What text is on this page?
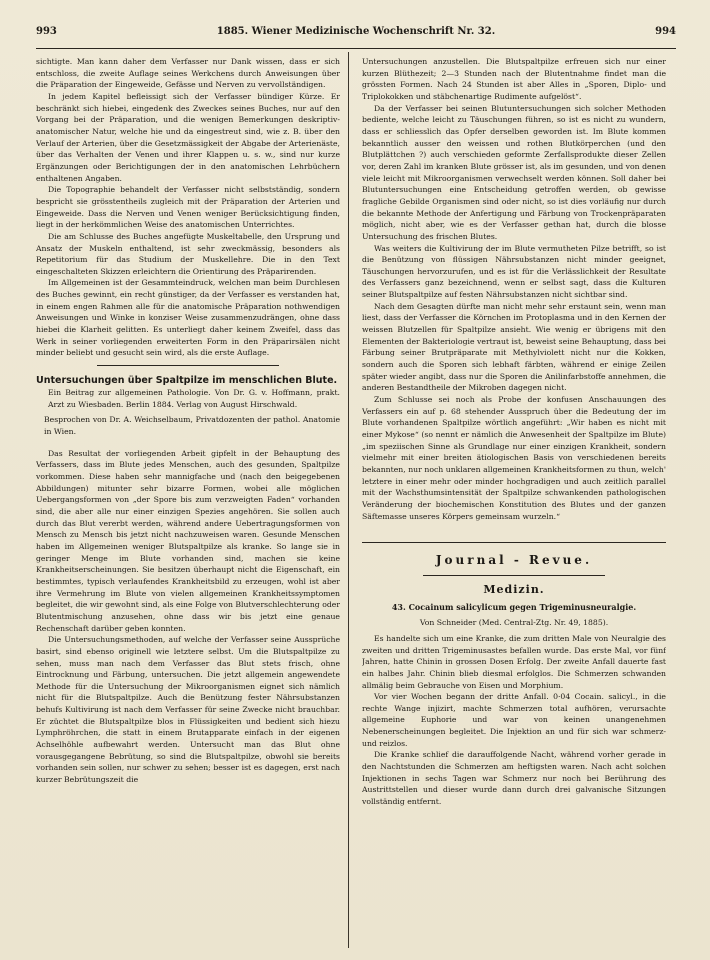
993	1885. Wiener Medizinische Wochenschrift Nr. 32.	994

sichtigte. Man kann daher dem Verfasser nur Dank wissen, dass er sich entschloss, die zweite Auflage seines Werkchens durch Anweisungen über die Präparation der Eingeweide, Gefässe und Nerven zu vervollständigen.

In jedem Kapitel befleissigt sich der Verfasser bündiger Kürze. Er beschränkt sich hiebei, eingedenk des Zweckes seines Buches, nur auf den Vorgang bei der Präparation, und die wenigen Bemerkungen deskriptiv-anatomischer Natur, welche hie und da eingestreut sind, wie z. B. über den Verlauf der Arterien, über die Gesetzmässigkeit der Abgabe der Arterienäste, über das Verhalten der Venen und ihrer Klappen u. s. w., sind nur kurze Ergänzungen oder Berichtigungen der in den anatomischen Lehrbüchern enthaltenen Angaben.

Die Topographie behandelt der Verfasser nicht selbstständig, sondern bespricht sie grösstentheils zugleich mit der Präparation der Arterien und Eingeweide. Dass die Nerven und Venen weniger Berücksichtigung finden, liegt in der herkömmlichen Weise des anatomischen Unterrichtes.

Die am Schlusse des Buches angefügte Muskeltabelle, den Ursprung und Ansatz der Muskeln enthaltend, ist sehr zweckmässig, besonders als Repetitorium für das Studium der Muskellehre. Die in den Text eingeschalteten Skizzen erleichtern die Orientirung des Präparirenden.

Im Allgemeinen ist der Gesammteindruck, welchen man beim Durchlesen des Buches gewinnt, ein recht günstiger, da der Verfasser es verstanden hat, in einem engen Rahmen alle für die anatomische Präparation nothwendigen Anweisungen und Winke in konziser Weise zusammenzudrängen, ohne dass hiebei die Klarheit gelitten. Es unterliegt daher keinem Zweifel, dass das Werk in seiner vorliegenden erweiterten Form in den Präparirsälen nicht minder beliebt und gesucht sein wird, als die erste Auflage.

Untersuchungen über Spaltpilze im menschlichen Blute.
Ein Beitrag zur allgemeinen Pathologie. Von Dr. G. v. Hoffmann, prakt. Arzt zu Wiesbaden. Berlin 1884. Verlag von August Hirschwald.
Besprochen von Dr. A. Weichselbaum, Privatdozenten der pathol. Anatomie in Wien.

Das Resultat der vorliegenden Arbeit gipfelt in der Behauptung des Verfassers, dass im Blute jedes Menschen, auch des gesunden, Spaltpilze vorkommen. Diese haben sehr mannigfache und (nach den beigegebenen Abbildungen) mitunter sehr bizarre Formen, wobei alle möglichen Uebergangsformen von „der Spore bis zum verzweigten Faden“ vorhanden sind, die aber alle nur einer einzigen Spezies angehören. Sie sollen auch durch das Blut vererbt werden, während andere Uebertragungsformen von Mensch zu Mensch bis jetzt nicht nachzuweisen waren. Gesunde Menschen haben im Allgemeinen weniger Blutspaltpilze als kranke. So lange sie in geringer Menge im Blute vorhanden sind, machen sie keine Krankheitserscheinungen. Sie besitzen überhaupt nicht die Eigenschaft, ein bestimmtes, typisch verlaufendes Krankheitsbild zu erzeugen, wohl ist aber ihre Vermehrung im Blute von vielen allgemeinen Krankheitssymptomen begleitet, die wir gewohnt sind, als eine Folge von Blutverschlechterung oder Blutentmischung anzusehen, ohne dass wir bis jetzt eine genaue Rechenschaft darüber geben konnten.

Die Untersuchungsmethoden, auf welche der Verfasser seine Aussprüche basirt, sind ebenso originell wie letztere selbst. Um die Blutspaltpilze zu sehen, muss man nach dem Verfasser das Blut stets frisch, ohne Eintrocknung und Färbung, untersuchen. Die jetzt allgemein angewendete Methode für die Untersuchung der Mikroorganismen eignet sich nämlich nicht für die Blutspaltpilze. Auch die Benützung fester Nährsubstanzen behufs Kultivirung ist nach dem Verfasser für seine Zwecke nicht brauchbar. Er züchtet die Blutspaltpilze blos in Flüssigkeiten und bedient sich hiezu Lymphröhrchen, die statt in einem Brutapparate einfach in der eigenen Achselhöhle aufbewahrt werden. Untersucht man das Blut ohne vorausgegangene Bebrütung, so sind die Blutspaltpilze, obwohl sie bereits vorhanden sein sollen, nur schwer zu sehen; besser ist es dagegen, erst nach kurzer Bebrütungszeit die

Untersuchungen anzustellen. Die Blutspaltpilze erfreuen sich nur einer kurzen Blüthezeit; 2—3 Stunden nach der Blutentnahme findet man die grössten Formen. Nach 24 Stunden ist aber Alles in „Sporen, Diplo- und Triplokokken und stäbchenartige Rudimente aufgelöst“.

Da der Verfasser bei seinen Blutuntersuchungen sich solcher Methoden bediente, welche leicht zu Täuschungen führen, so ist es nicht zu wundern, dass er schliesslich das Opfer derselben geworden ist. Im Blute kommen bekanntlich ausser den weissen und rothen Blutkörperchen (und den Blutplättchen ?) auch verschieden geformte Zerfallsprodukte dieser Zellen vor, deren Zahl im kranken Blute grösser ist, als im gesunden, und von denen viele leicht mit Mikroorganismen verwechselt werden können. Soll daher bei Blutuntersuchungen eine Entscheidung getroffen werden, ob gewisse fragliche Gebilde Organismen sind oder nicht, so ist dies vorläufig nur durch die bekannte Methode der Anfertigung und Färbung von Trockenpräparaten möglich, nicht aber, wie es der Verfasser gethan hat, durch die blosse Untersuchung des frischen Blutes.

Was weiters die Kultivirung der im Blute vermutheten Pilze betrifft, so ist die Benützung von flüssigen Nährsubstanzen nicht minder geeignet, Täuschungen hervorzurufen, und es ist für die Verlässlichkeit der Resultate des Verfassers ganz bezeichnend, wenn er selbst sagt, dass die Kulturen seiner Blutspaltpilze auf festen Nährsubstanzen nicht sichtbar sind.

Nach dem Gesagten dürfte man nicht mehr sehr erstaunt sein, wenn man liest, dass der Verfasser die Körnchen im Protoplasma und in den Kernen der weissen Blutzellen für Spaltpilze ansieht. Wie wenig er übrigens mit den Elementen der Bakteriologie vertraut ist, beweist seine Behauptung, dass bei Färbung seiner Brutpräparate mit Methylviolett nicht nur die Kokken, sondern auch die Sporen sich lebhaft färbten, während er einige Zeilen später wieder angibt, dass nur die Sporen die Anilinfarbstoffe annehmen, die anderen Bestandtheile der Mikroben dagegen nicht.

Zum Schlusse sei noch als Probe der konfusen Anschauungen des Verfassers ein auf p. 68 stehender Ausspruch über die Bedeutung der im Blute vorhandenen Spaltpilze wörtlich angeführt: „Wir haben es nicht mit einer Mykose“ (so nennt er nämlich die Anwesenheit der Spaltpilze im Blute) „im speziischen Sinne als Grundlage nur einer einzigen Krankheit, sondern vielmehr mit einer breiten ätiologischen Basis von verschiedenen bereits bekannten, nur noch unklaren allgemeinen Krankheitsformen zu thun, welch' letztere in einer mehr oder minder hochgradigen und auch zeitlich parallel mit der Wachsthumsintensität der Spaltpilze schwankenden pathologischen Veränderung der biochemischen Konstitution des Blutes und der ganzen Säftemasse unseres Körpers gemeinsam wurzeln.“

Journal - Revue.
Medizin.
43. Cocainum salicylicum gegen Trigeminusneuralgie.
Von Schneider (Med. Central-Ztg. Nr. 49, 1885).

Es handelte sich um eine Kranke, die zum dritten Male von Neuralgie des zweiten und dritten Trigeminusastes befallen wurde. Das erste Mal, vor fünf Jahren, hatte Chinin in grossen Dosen Erfolg. Der zweite Anfall dauerte fast ein halbes Jahr. Chinin blieb diesmal erfolglos. Die Schmerzen schwanden allmälig beim Gebrauche von Eisen und Morphium.

Vor vier Wochen begann der dritte Anfall. 0·04 Cocain. salicyl., in die rechte Wange injizirt, machte Schmerzen total aufhören, verursachte allgemeine Euphorie und war von keinen unangenehmen Nebenerscheinungen begleitet. Die Injektion an und für sich war schmerz- und reizlos.

Die Kranke schlief die darauffolgende Nacht, während vorher gerade in den Nachtstunden die Schmerzen am heftigsten waren. Nach acht solchen Injektionen in sechs Tagen war Schmerz nur noch bei Berührung des Austrittstellen und dieser wurde dann durch drei galvanische Sitzungen vollständig entfernt.
